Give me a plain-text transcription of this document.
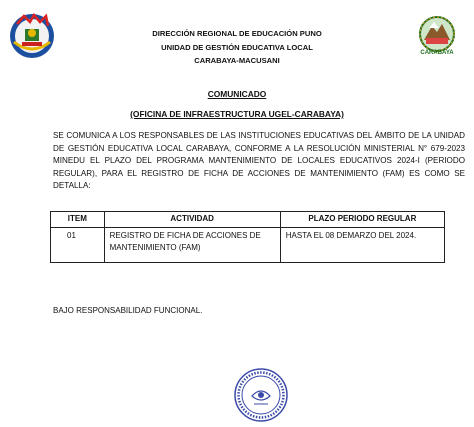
DIRECCIÓN REGIONAL DE EDUCACIÓN PUNO
UNIDAD DE GESTIÓN EDUCATIVA LOCAL
CARABAYA-MACUSANI
CARABAYA
COMUNICADO
(OFICINA DE INFRAESTRUCTURA UGEL-CARABAYA)
SE COMUNICA A LOS RESPONSABLES DE LAS INSTITUCIONES EDUCATIVAS DEL ÁMBITO DE LA UNIDAD DE GESTIÓN EDUCATIVA LOCAL CARABAYA, CONFORME A LA RESOLUCIÓN MINISTERIAL N° 679-2023 MINEDU EL PLAZO DEL PROGRAMA MANTENIMIENTO DE LOCALES EDUCATIVOS 2024-I (PERIODO REGULAR), PARA EL REGISTRO DE FICHA DE ACCIONES DE MANTENIMIENTO (FAM) ES COMO SE DETALLA:
ITEM	ACTIVIDAD	PLAZO PERIODO REGULAR
01	REGISTRO DE FICHA DE ACCIONES DE MANTENIMIENTO (FAM)	HASTA EL 08 DEMARZO DEL 2024.
BAJO RESPONSABILIDAD FUNCIONAL.
